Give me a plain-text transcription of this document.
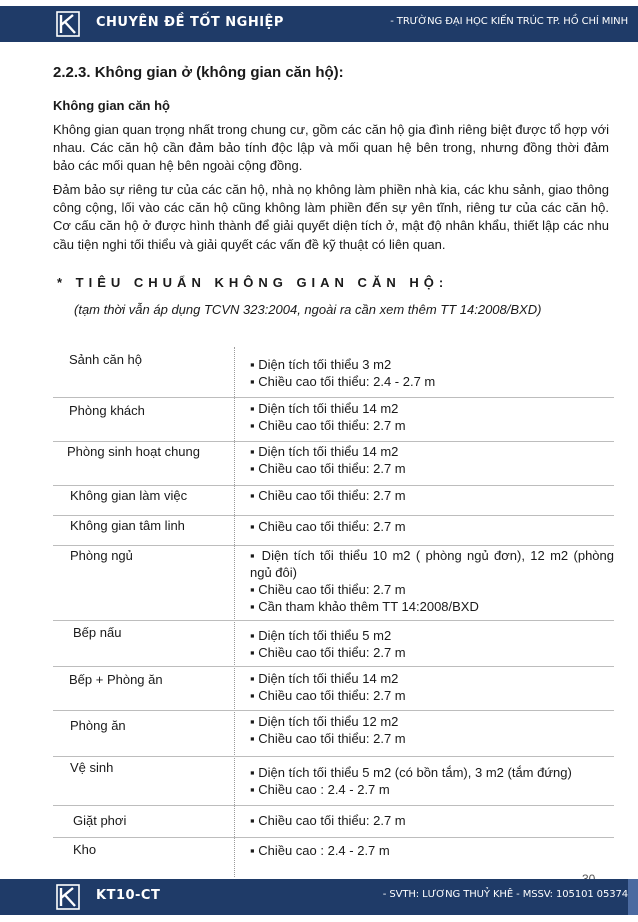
CHUYÊN ĐỀ TỐT NGHIỆP	- TRƯỜNG ĐẠI HỌC KIẾN TRÚC TP. HỒ CHÍ MINH
2.2.3. Không gian ở (không gian căn hộ):
Không gian căn hộ
Không gian quan trọng nhất trong chung cư, gồm các căn hộ gia đình riêng biệt được tổ hợp với nhau. Các căn hộ cần đảm bảo tính độc lập và mối quan hệ bên trong, nhưng đồng thời đảm bảo các mối quan hệ bên ngoài cộng đồng.
Đảm bảo sự riêng tư của các căn hộ, nhà nọ không làm phiền nhà kia, các khu sảnh, giao thông công cộng, lối vào các căn hộ cũng không làm phiền đến sự yên tĩnh, riêng tư của các căn hộ. Cơ cấu căn hộ ở được hình thành để giải quyết diện tích ở, mật độ nhân khẩu, thiết lập các nhu cầu tiện nghi tối thiểu và giải quyết các vấn đề kỹ thuật có liên quan.
* TIÊU CHUẨN KHÔNG GIAN CĂN HỘ:
(tạm thời vẫn áp dụng TCVN 323:2004, ngoài ra cần xem thêm TT 14:2008/BXD)
Sảnh căn hộ	▪ Diện tích tối thiểu 3 m2
▪ Chiều cao tối thiểu: 2.4 - 2.7 m
Phòng khách	▪ Diện tích tối thiểu 14 m2
▪ Chiều cao tối thiểu: 2.7 m
Phòng sinh hoạt chung	▪ Diện tích tối thiểu 14 m2
▪ Chiều cao tối thiểu: 2.7 m
Không gian làm việc	▪ Chiều cao tối thiểu: 2.7 m
Không gian tâm linh	▪ Chiều cao tối thiểu: 2.7 m
Phòng ngủ	▪ Diện tích tối thiểu 10 m2 ( phòng ngủ đơn), 12 m2 (phòng ngủ đôi)
▪ Chiều cao tối thiểu: 2.7 m
▪ Cần tham khảo thêm TT 14:2008/BXD
Bếp nấu	▪ Diện tích tối thiểu 5 m2
▪ Chiều cao tối thiểu: 2.7 m
Bếp + Phòng ăn	▪ Diện tích tối thiểu 14 m2
▪ Chiều cao tối thiểu: 2.7 m
Phòng ăn	▪ Diện tích tối thiểu 12 m2
▪ Chiều cao tối thiểu: 2.7 m
Vệ sinh	▪ Diện tích tối thiểu 5 m2 (có bồn tắm), 3 m2 (tắm đứng)
▪ Chiều cao : 2.4 - 2.7 m
Giặt phơi	▪ Chiều cao tối thiểu: 2.7 m
Kho	▪ Chiều cao : 2.4 - 2.7 m
KT10-CT	- SVTH: LƯƠNG THUỶ KHÊ - MSSV: 105101 05374
